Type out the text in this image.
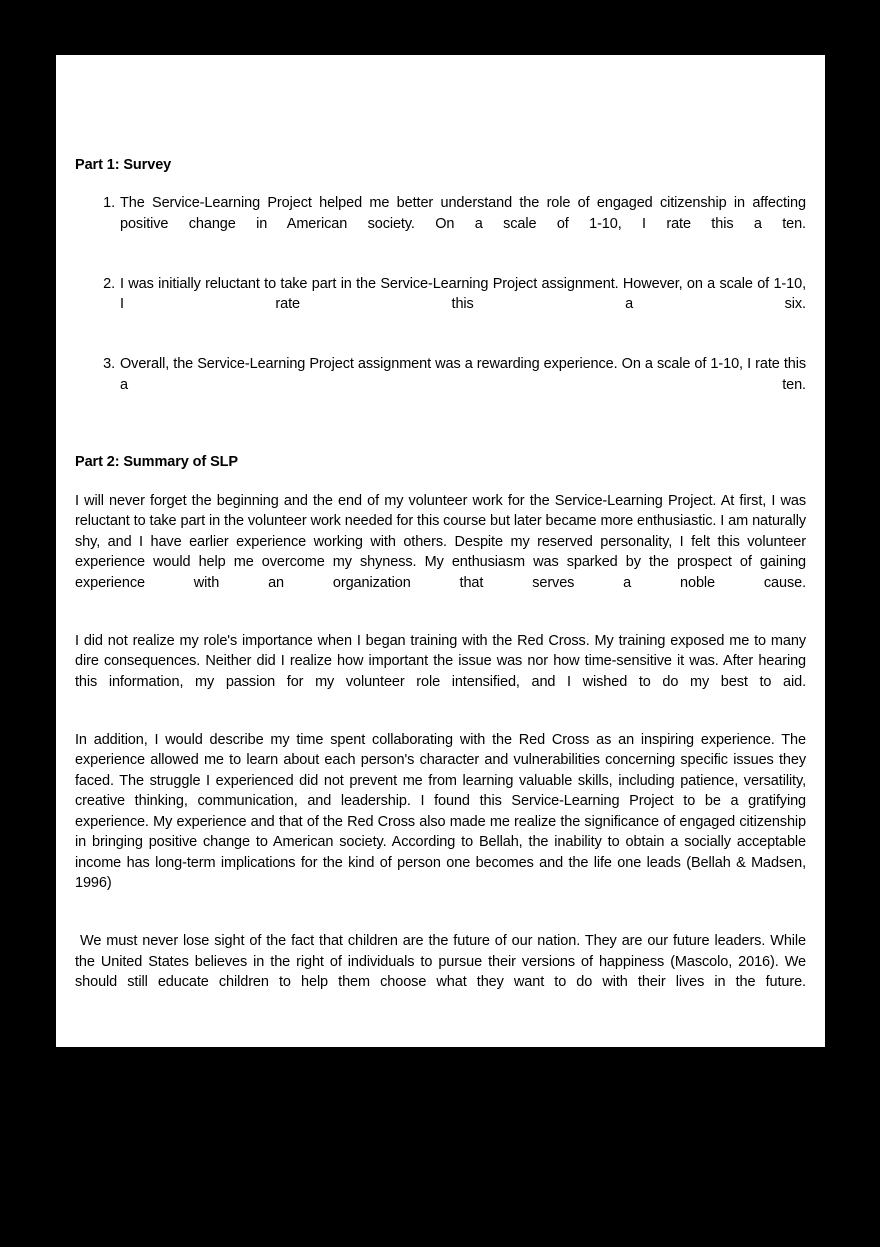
Part 1: Survey
The Service-Learning Project helped me better understand the role of engaged citizenship in affecting positive change in American society. On a scale of 1-10, I rate this a ten.
I was initially reluctant to take part in the Service-Learning Project assignment. However, on a scale of 1-10, I rate this a six.
Overall, the Service-Learning Project assignment was a rewarding experience. On a scale of 1-10, I rate this a ten.
Part 2: Summary of SLP

I will never forget the beginning and the end of my volunteer work for the Service-Learning Project. At first, I was reluctant to take part in the volunteer work needed for this course but later became more enthusiastic. I am naturally shy, and I have earlier experience working with others. Despite my reserved personality, I felt this volunteer experience would help me overcome my shyness. My enthusiasm was sparked by the prospect of gaining experience with an organization that serves a noble cause.

I did not realize my role's importance when I began training with the Red Cross. My training exposed me to many dire consequences. Neither did I realize how important the issue was nor how time-sensitive it was. After hearing this information, my passion for my volunteer role intensified, and I wished to do my best to aid.

In addition, I would describe my time spent collaborating with the Red Cross as an inspiring experience. The experience allowed me to learn about each person's character and vulnerabilities concerning specific issues they faced. The struggle I experienced did not prevent me from learning valuable skills, including patience, versatility, creative thinking, communication, and leadership. I found this Service-Learning Project to be a gratifying experience. My experience and that of the Red Cross also made me realize the significance of engaged citizenship in bringing positive change to American society. According to Bellah, the inability to obtain a socially acceptable income has long-term implications for the kind of person one becomes and the life one leads (Bellah & Madsen, 1996)

We must never lose sight of the fact that children are the future of our nation. They are our future leaders. While the United States believes in the right of individuals to pursue their versions of happiness (Mascolo, 2016). We should still educate children to help them choose what they want to do with their lives in the future.
